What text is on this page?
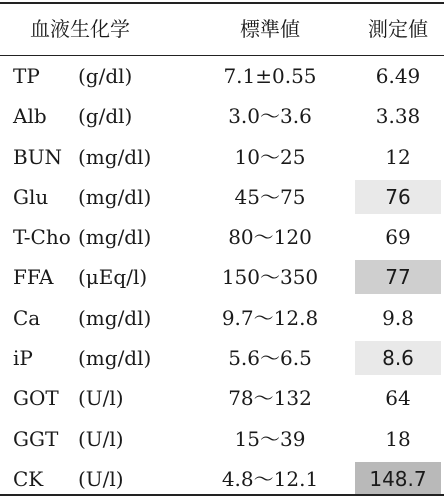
血液生化学	標準値	測定値
TP	(g/dl)	7.1±0.55	6.49
Alb	(g/dl)	3.0～3.6	3.38
BUN (mg/dl)	10～25	12
Glu	(mg/dl)	45～75	76
T-Cho (mg/dl)	80～120	69
FFA	(μEq/l)	150～350	77
Ca	(mg/dl)	9.7～12.8	9.8
iP	(mg/dl)	5.6～6.5	8.6
GOT (U/l)	78～132	64
GGT (U/l)	15～39	18
CK	(U/l)	4.8～12.1	148.7
